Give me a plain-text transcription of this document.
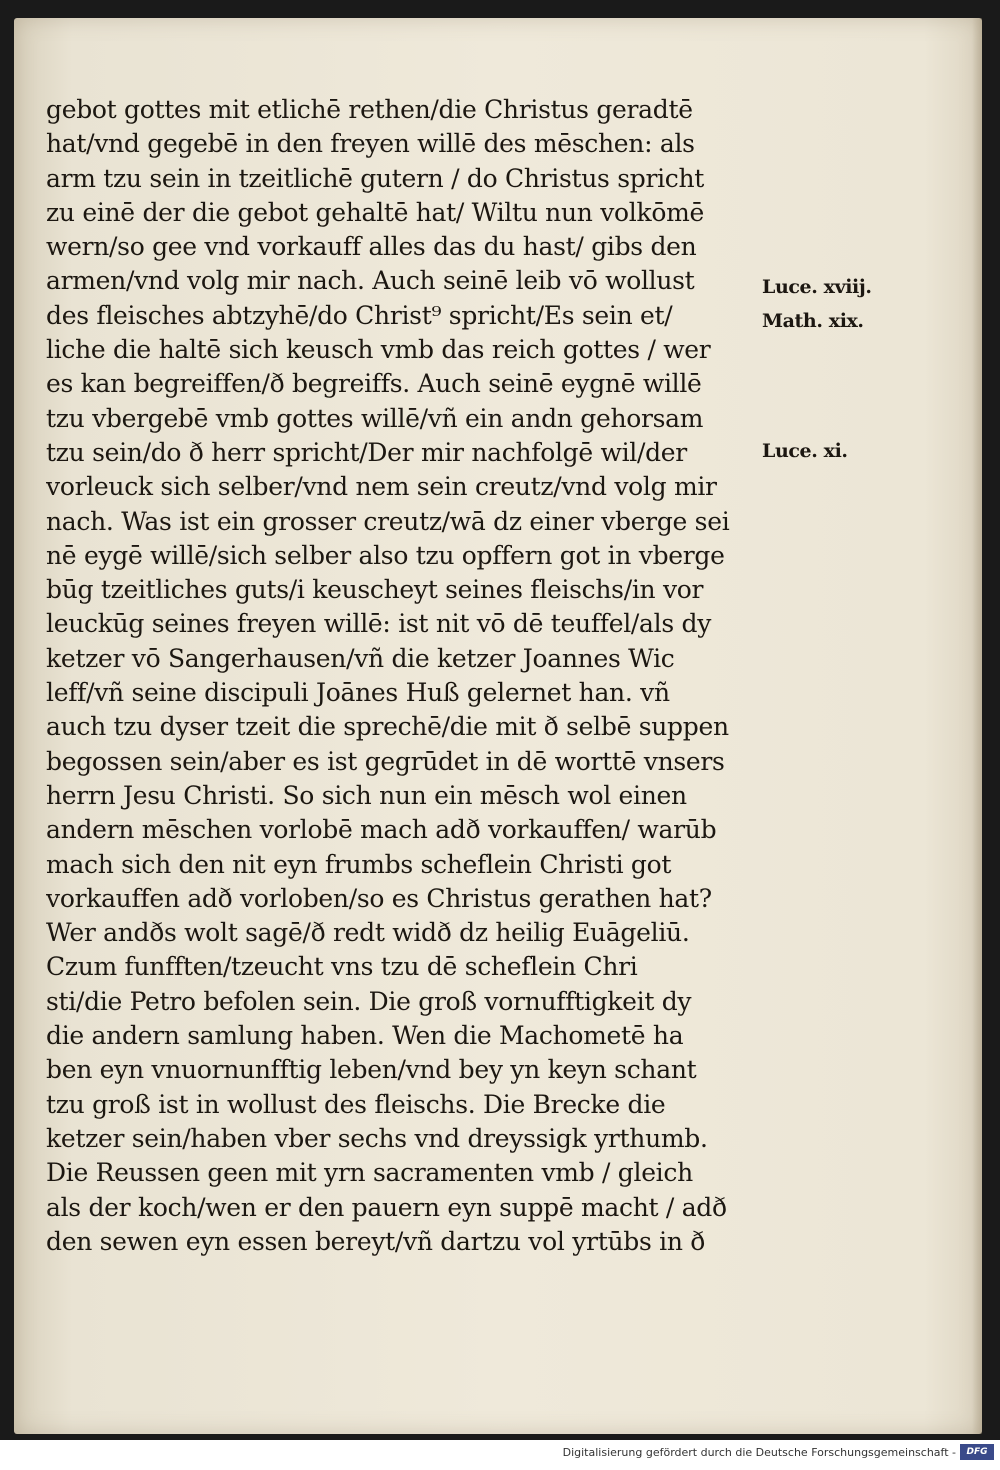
gebot gottes mit etlichē rethen/die Christus geradtē
hat/vnd gegebē in den freyen willē des mēschen: als
arm tzu sein in tzeitlichē gutern / do Christus spricht
zu einē der die gebot gehaltē hat/ Wiltu nun volkōmē
wern/so gee vnd vorkauff alles das du hast/ gibs den
armen/vnd volg mir nach. Auch seinē leib vō wollust
des fleisches abtzyhē/do Christ⁹ spricht/Es sein et/
liche die haltē sich keusch vmb das reich gottes / wer
es kan begreiffen/ð begreiffs. Auch seinē eygnē willē
tzu vbergebē vmb gottes willē/vñ ein andn gehorsam
tzu sein/do ð herr spricht/Der mir nachfolgē wil/der
vorleuck sich selber/vnd nem sein creutz/vnd volg mir
nach. Was ist ein grosser creutz/wā dz einer vberge sei
nē eygē willē/sich selber also tzu opffern got in vberge
būg tzeitliches guts/i keuscheyt seines fleischs/in vor
leuckūg seines freyen willē: ist nit vō dē teuffel/als dy
ketzer vō Sangerhausen/vñ die ketzer Joannes Wic
leff/vñ seine discipuli Joānes Huß gelernet han. vñ
auch tzu dyser tzeit die sprechē/die mit ð selbē suppen
begossen sein/aber es ist gegrūdet in dē worttē vnsers
herrn Jesu Christi. So sich nun ein mēsch wol einen
andern mēschen vorlobē mach adð vorkauffen/ warūb
mach sich den nit eyn frumbs scheflein Christi got
vorkauffen adð vorloben/so es Christus gerathen hat?
Wer andðs wolt sagē/ð redt widð dz heilig Euāgeliū.
Czum funfften/tzeucht vns tzu dē scheflein Chri
sti/die Petro befolen sein. Die groß vornufftigkeit dy
die andern samlung haben. Wen die Machometē ha
ben eyn vnuornunfftig leben/vnd bey yn keyn schant
tzu groß ist in wollust des fleischs. Die Brecke die
ketzer sein/haben vber sechs vnd dreyssigk yrthumb.
Die Reussen geen mit yrn sacramenten vmb / gleich
als der koch/wen er den pauern eyn suppē macht / adð
den sewen eyn essen bereyt/vñ dartzu vol yrtūbs in ð
Luce. xviij.
Math. xix.
Luce. xi.
Digitalisierung gefördert durch die Deutsche Forschungsgemeinschaft -	DFG
